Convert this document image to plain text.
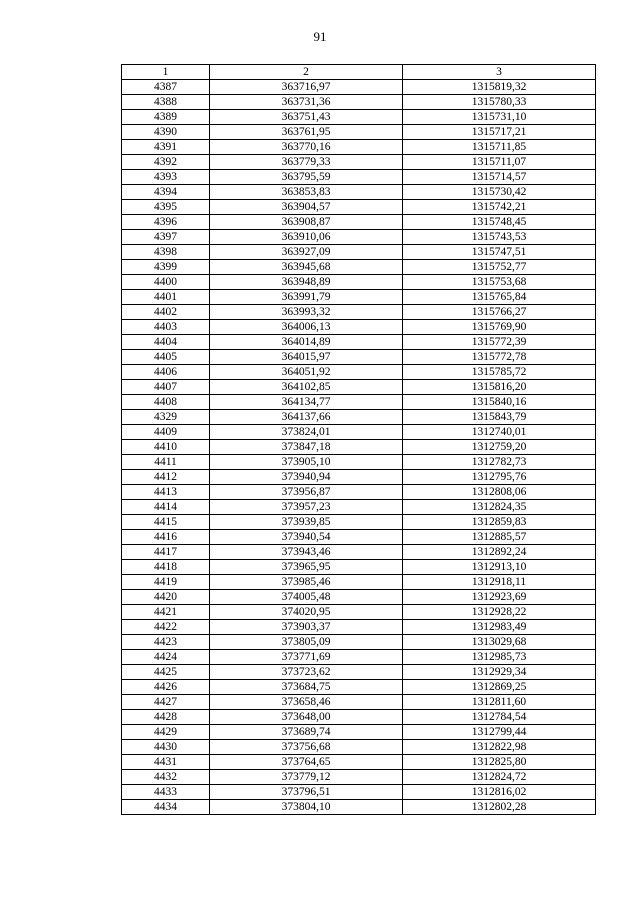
91
1	2	3
4387	363716,97	1315819,32
4388	363731,36	1315780,33
4389	363751,43	1315731,10
4390	363761,95	1315717,21
4391	363770,16	1315711,85
4392	363779,33	1315711,07
4393	363795,59	1315714,57
4394	363853,83	1315730,42
4395	363904,57	1315742,21
4396	363908,87	1315748,45
4397	363910,06	1315743,53
4398	363927,09	1315747,51
4399	363945,68	1315752,77
4400	363948,89	1315753,68
4401	363991,79	1315765,84
4402	363993,32	1315766,27
4403	364006,13	1315769,90
4404	364014,89	1315772,39
4405	364015,97	1315772,78
4406	364051,92	1315785,72
4407	364102,85	1315816,20
4408	364134,77	1315840,16
4329	364137,66	1315843,79
4409	373824,01	1312740,01
4410	373847,18	1312759,20
4411	373905,10	1312782,73
4412	373940,94	1312795,76
4413	373956,87	1312808,06
4414	373957,23	1312824,35
4415	373939,85	1312859,83
4416	373940,54	1312885,57
4417	373943,46	1312892,24
4418	373965,95	1312913,10
4419	373985,46	1312918,11
4420	374005,48	1312923,69
4421	374020,95	1312928,22
4422	373903,37	1312983,49
4423	373805,09	1313029,68
4424	373771,69	1312985,73
4425	373723,62	1312929,34
4426	373684,75	1312869,25
4427	373658,46	1312811,60
4428	373648,00	1312784,54
4429	373689,74	1312799,44
4430	373756,68	1312822,98
4431	373764,65	1312825,80
4432	373779,12	1312824,72
4433	373796,51	1312816,02
4434	373804,10	1312802,28
